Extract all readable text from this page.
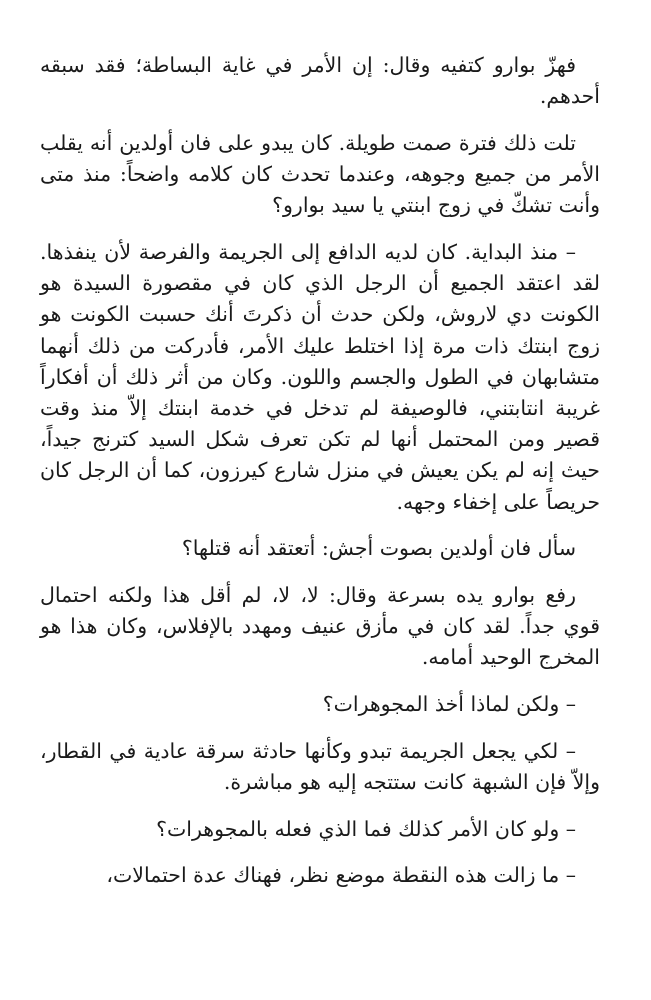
فهزّ بوارو كتفيه وقال: إن الأمر في غاية البساطة؛ فقد سبقه أحدهم.

تلت ذلك فترة صمت طويلة. كان يبدو على فان أولدين أنه يقلب الأمر من جميع وجوهه، وعندما تحدث كان كلامه واضحاً: منذ متى وأنت تشكّ في زوج ابنتي يا سيد بوارو؟

– منذ البداية. كان لديه الدافع إلى الجريمة والفرصة لأن ينفذها. لقد اعتقد الجميع أن الرجل الذي كان في مقصورة السيدة هو الكونت دي لاروش، ولكن حدث أن ذكرتَ أنك حسبت الكونت هو زوج ابنتك ذات مرة إذا اختلط عليك الأمر، فأدركت من ذلك أنهما متشابهان في الطول والجسم واللون. وكان من أثر ذلك أن أفكاراً غريبة انتابتني، فالوصيفة لم تدخل في خدمة ابنتك إلاّ منذ وقت قصير ومن المحتمل أنها لم تكن تعرف شكل السيد كترنج جيداً، حيث إنه لم يكن يعيش في منزل شارع كيرزون، كما أن الرجل كان حريصاً على إخفاء وجهه.

سأل فان أولدين بصوت أجش: أتعتقد أنه قتلها؟

رفع بوارو يده بسرعة وقال: لا، لا، لم أقل هذا ولكنه احتمال قوي جداً. لقد كان في مأزق عنيف ومهدد بالإفلاس، وكان هذا هو المخرج الوحيد أمامه.

– ولكن لماذا أخذ المجوهرات؟

– لكي يجعل الجريمة تبدو وكأنها حادثة سرقة عادية في القطار، وإلاّ فإن الشبهة كانت ستتجه إليه هو مباشرة.

– ولو كان الأمر كذلك فما الذي فعله بالمجوهرات؟

– ما زالت هذه النقطة موضع نظر، فهناك عدة احتمالات،
